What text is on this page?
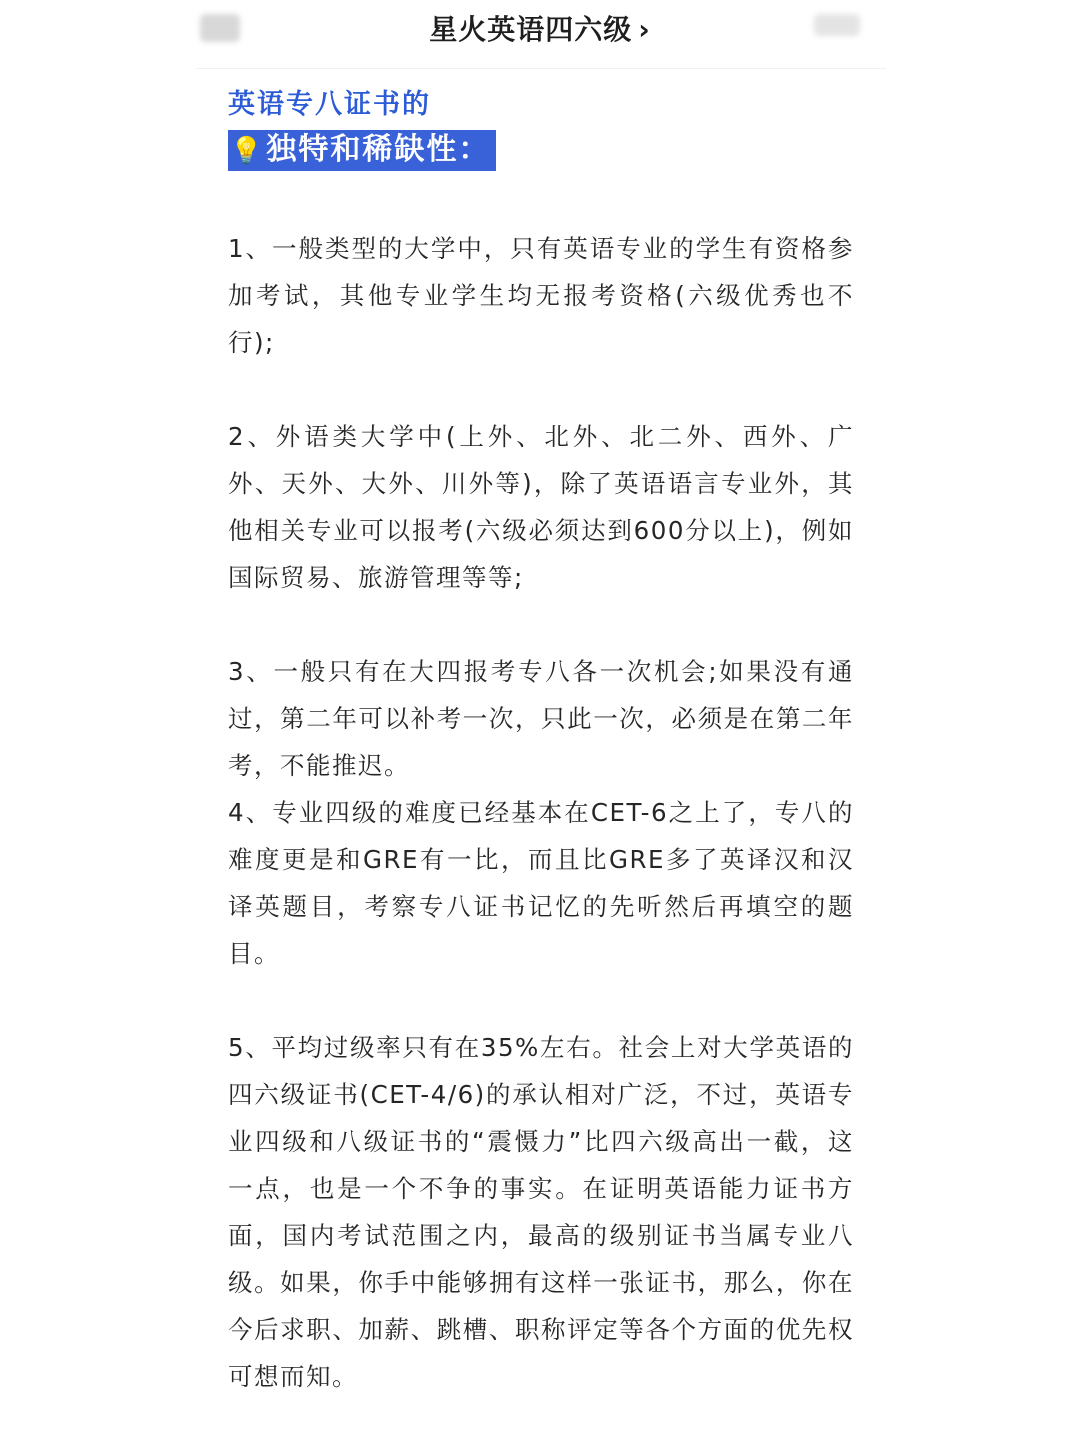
星火英语四六级 ›
英语专八证书的
💡独特和稀缺性：
1、一般类型的大学中，只有英语专业的学生有资格参加考试，其他专业学生均无报考资格(六级优秀也不行);
2、外语类大学中(上外、北外、北二外、西外、广外、天外、大外、川外等)，除了英语语言专业外，其他相关专业可以报考(六级必须达到600分以上)，例如国际贸易、旅游管理等等;
3、一般只有在大四报考专八各一次机会;如果没有通过，第二年可以补考一次，只此一次，必须是在第二年考，不能推迟。
4、专业四级的难度已经基本在CET-6之上了，专八的难度更是和GRE有一比，而且比GRE多了英译汉和汉译英题目，考察专八证书记忆的先听然后再填空的题目。
5、平均过级率只有在35%左右。社会上对大学英语的四六级证书(CET-4/6)的承认相对广泛，不过，英语专业四级和八级证书的“震慑力”比四六级高出一截，这一点，也是一个不争的事实。在证明英语能力证书方面，国内考试范围之内，最高的级别证书当属专业八级。如果，你手中能够拥有这样一张证书，那么，你在今后求职、加薪、跳槽、职称评定等各个方面的优先权可想而知。
